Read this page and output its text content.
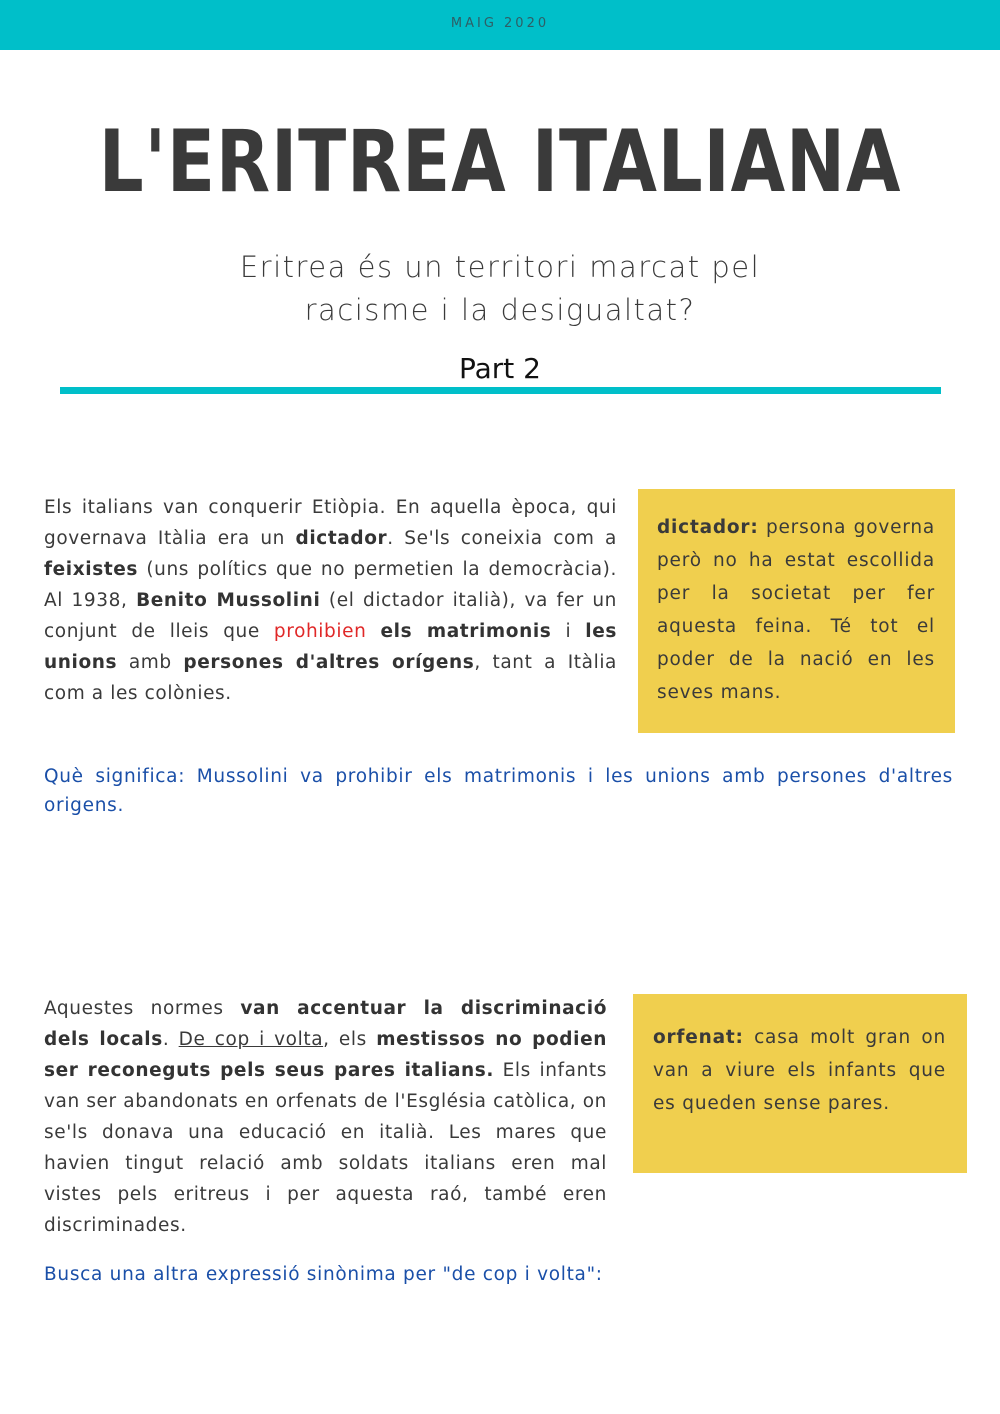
MAIG 2020
L'ERITREA ITALIANA
Eritrea és un territori marcat pel
racisme i la desigualtat?
Part 2

Els italians van conquerir Etiòpia. En aquella època, qui governava Itàlia era un dictador. Se'ls coneixia com a feixistes (uns polítics que no permetien la democràcia). Al 1938, Benito Mussolini (el dictador italià), va fer un conjunt de lleis que prohibien els matrimonis i les unions amb persones d'altres orígens, tant a Itàlia com a les colònies.

dictador: persona governa però no ha estat escollida per la societat per fer aquesta feina. Té tot el poder de la nació en les seves mans.

Què significa: Mussolini va prohibir els matrimonis i les unions amb persones d'altres origens.

Aquestes normes van accentuar la discriminació dels locals. De cop i volta, els mestissos no podien ser reconeguts pels seus pares italians. Els infants van ser abandonats en orfenats de l'Església catòlica, on se'ls donava una educació en italià. Les mares que havien tingut relació amb soldats italians eren mal vistes pels eritreus i per aquesta raó, també eren discriminades.

orfenat: casa molt gran on van a viure els infants que es queden sense pares.

Busca una altra expressió sinònima per "de cop i volta":
